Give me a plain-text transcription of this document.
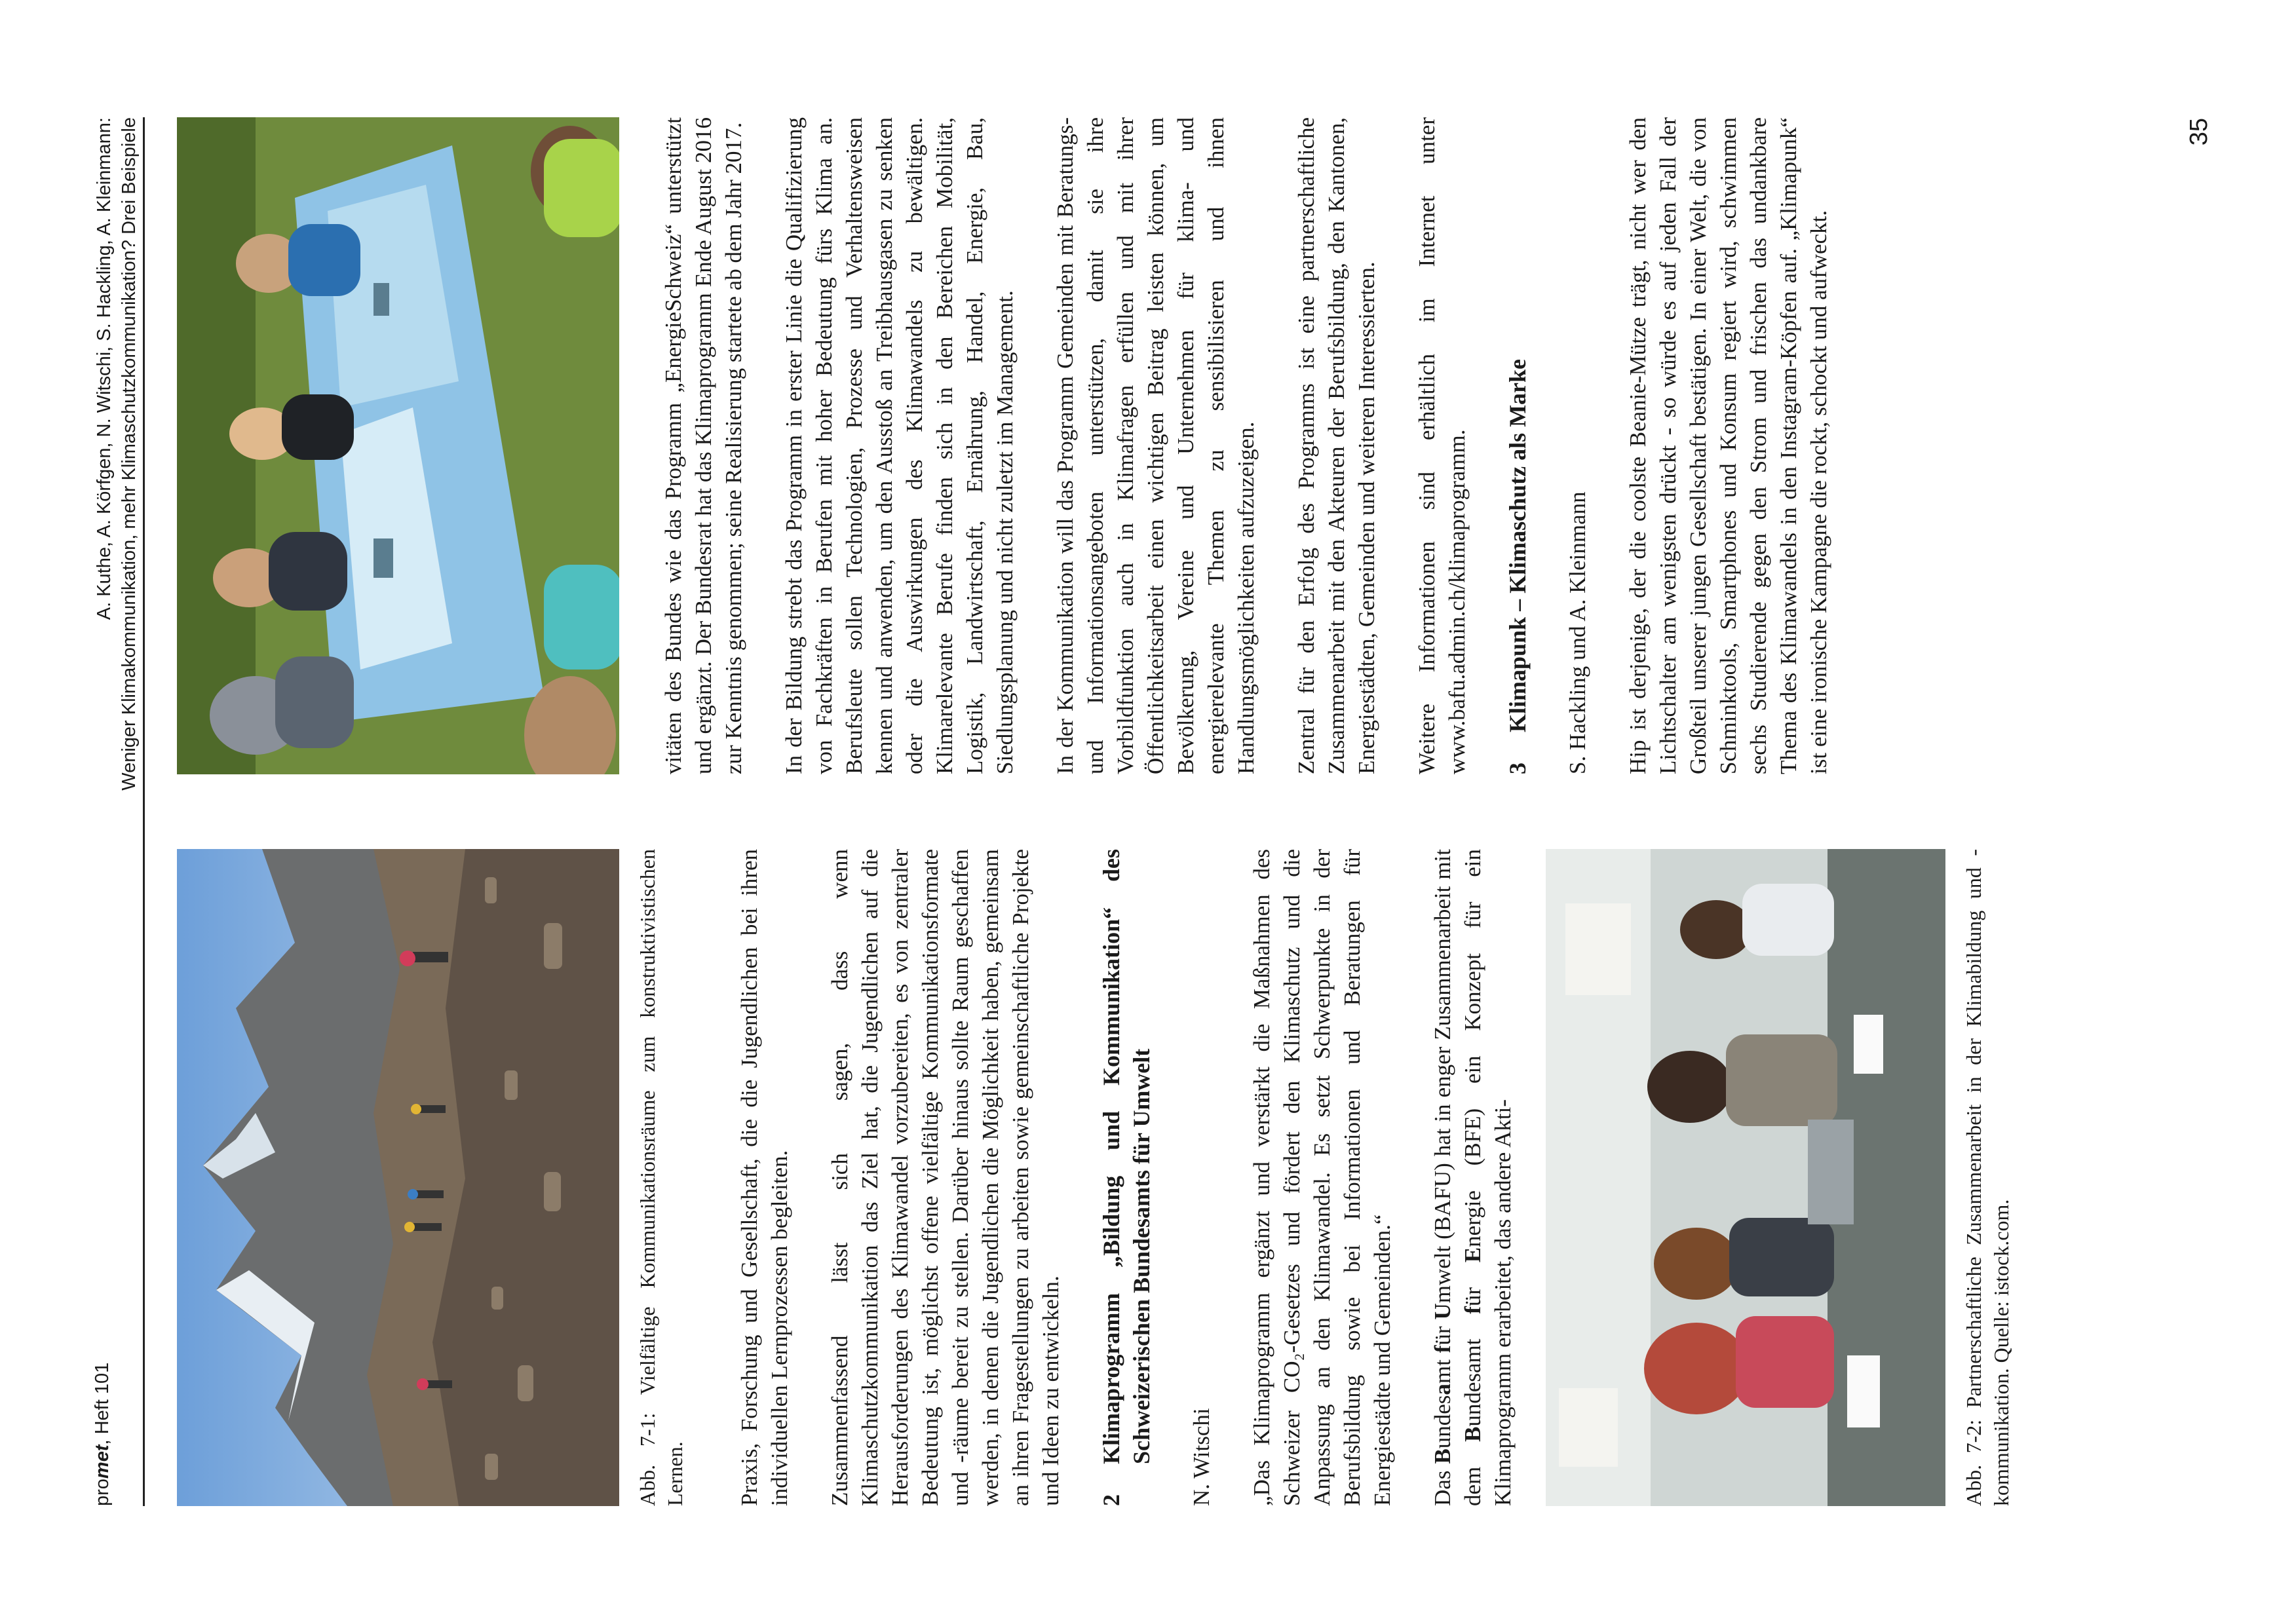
promet, Heft 101
A. Kuthe, A. Körfgen, N. Witschi, S. Hackling, A. Kleinmann: Weniger Klimakommunikation, mehr Klimaschutzkommunikation? Drei Beispiele
Abb. 7-1: Vielfältige Kommunikationsräume zum konstruktivistischen Lernen. Praxis, Forschung und Gesellschaft, die die Jugendlichen bei ihren individuellen Lernprozessen begleiten. Zusammenfassend lässt sich sagen, dass wenn Klimaschutzkommunikation das Ziel hat, die Jugendlichen auf die Herausforderungen des Klimawandel vorzubereiten, es von zentraler Bedeutung ist, möglichst offene vielfältige Kommunikationsformate und -räume bereit zu stellen. Darüber hinaus sollte Raum geschaffen werden, in denen die Jugendlichen die Möglichkeit haben, gemeinsam an ihren Fragestellungen zu arbeiten sowie gemeinschaftliche Projekte und Ideen zu entwickeln. 2
Klimaprogramm „Bildung und Kommunikation“ des Schweizerischen Bundesamts für Umwelt N. Witschi „Das Klimaprogramm ergänzt und verstärkt die Maßnahmen des Schweizer CO₂-Gesetzes und fördert den Klimaschutz und die Anpassung an den Klimawandel. Es setzt Schwerpunkte in der Berufsbildung sowie bei Informationen und Beratungen für Energiestädte und Gemeinden.“ Das Bundesamt für Umwelt (BAFU) hat in enger Zusammenarbeit mit dem Bundesamt für Energie (BFE) ein Konzept für ein Klimaprogramm erarbeitet, das andere Akti-	Abb. 7-2: Partnerschaftliche Zusammenarbeit in der Klimabildung und -kommunikation. Quelle: istock.com.

vitäten des Bundes wie das Programm „EnergieSchweiz“ unterstützt und ergänzt. Der Bundesrat hat das Klimaprogramm Ende August 2016 zur Kenntnis genommen; seine Realisierung startete ab dem Jahr 2017. In der Bildung strebt das Programm in erster Linie die Qualifizierung von Fachkräften in Berufen mit hoher Bedeutung fürs Klima an. Berufsleute sollen Technologien, Prozesse und Verhaltensweisen kennen und anwenden, um den Ausstoß an Treibhausgasen zu senken oder die Auswirkungen des Klimawandels zu bewältigen. Klimarelevante Berufe finden sich in den Bereichen Mobilität, Logistik, Landwirtschaft, Ernährung, Handel, Energie, Bau, Siedlungsplanung und nicht zuletzt im Management. In der Kommunikation will das Programm Gemeinden mit Beratungs- und Informationsangeboten unterstützen, damit sie ihre Vorbildfunktion auch in Klimafragen erfüllen und mit ihrer Öffentlichkeitsarbeit einen wichtigen Beitrag leisten können, um Bevölkerung, Vereine und Unternehmen für klima- und energierelevante Themen zu sensibilisieren und ihnen Handlungsmöglichkeiten aufzuzeigen. Zentral für den Erfolg des Programms ist eine partnerschaftliche Zusammenarbeit mit den Akteuren der Berufsbildung, den Kantonen, Energiestädten, Gemeinden und weiteren Interessierten. Weitere Informationen sind erhältlich im Internet unter www.bafu.admin.ch/klimaprogramm. 3
Klimapunk – Klimaschutz als Marke S. Hackling und A. Kleinmann Hip ist derjenige, der die coolste Beanie-Mütze trägt, nicht wer den Lichtschalter am wenigsten drückt - so würde es auf jeden Fall der Großteil unserer jungen Gesellschaft bestätigen. In einer Welt, die von Schminktools, Smartphones und Konsum regiert wird, schwimmen sechs Studierende gegen den Strom und frischen das undankbare Thema des Klimawandels in den Instagram-Köpfen auf. „Klimapunk“ ist eine ironische Kampagne die rockt, schockt und aufweckt.

35
